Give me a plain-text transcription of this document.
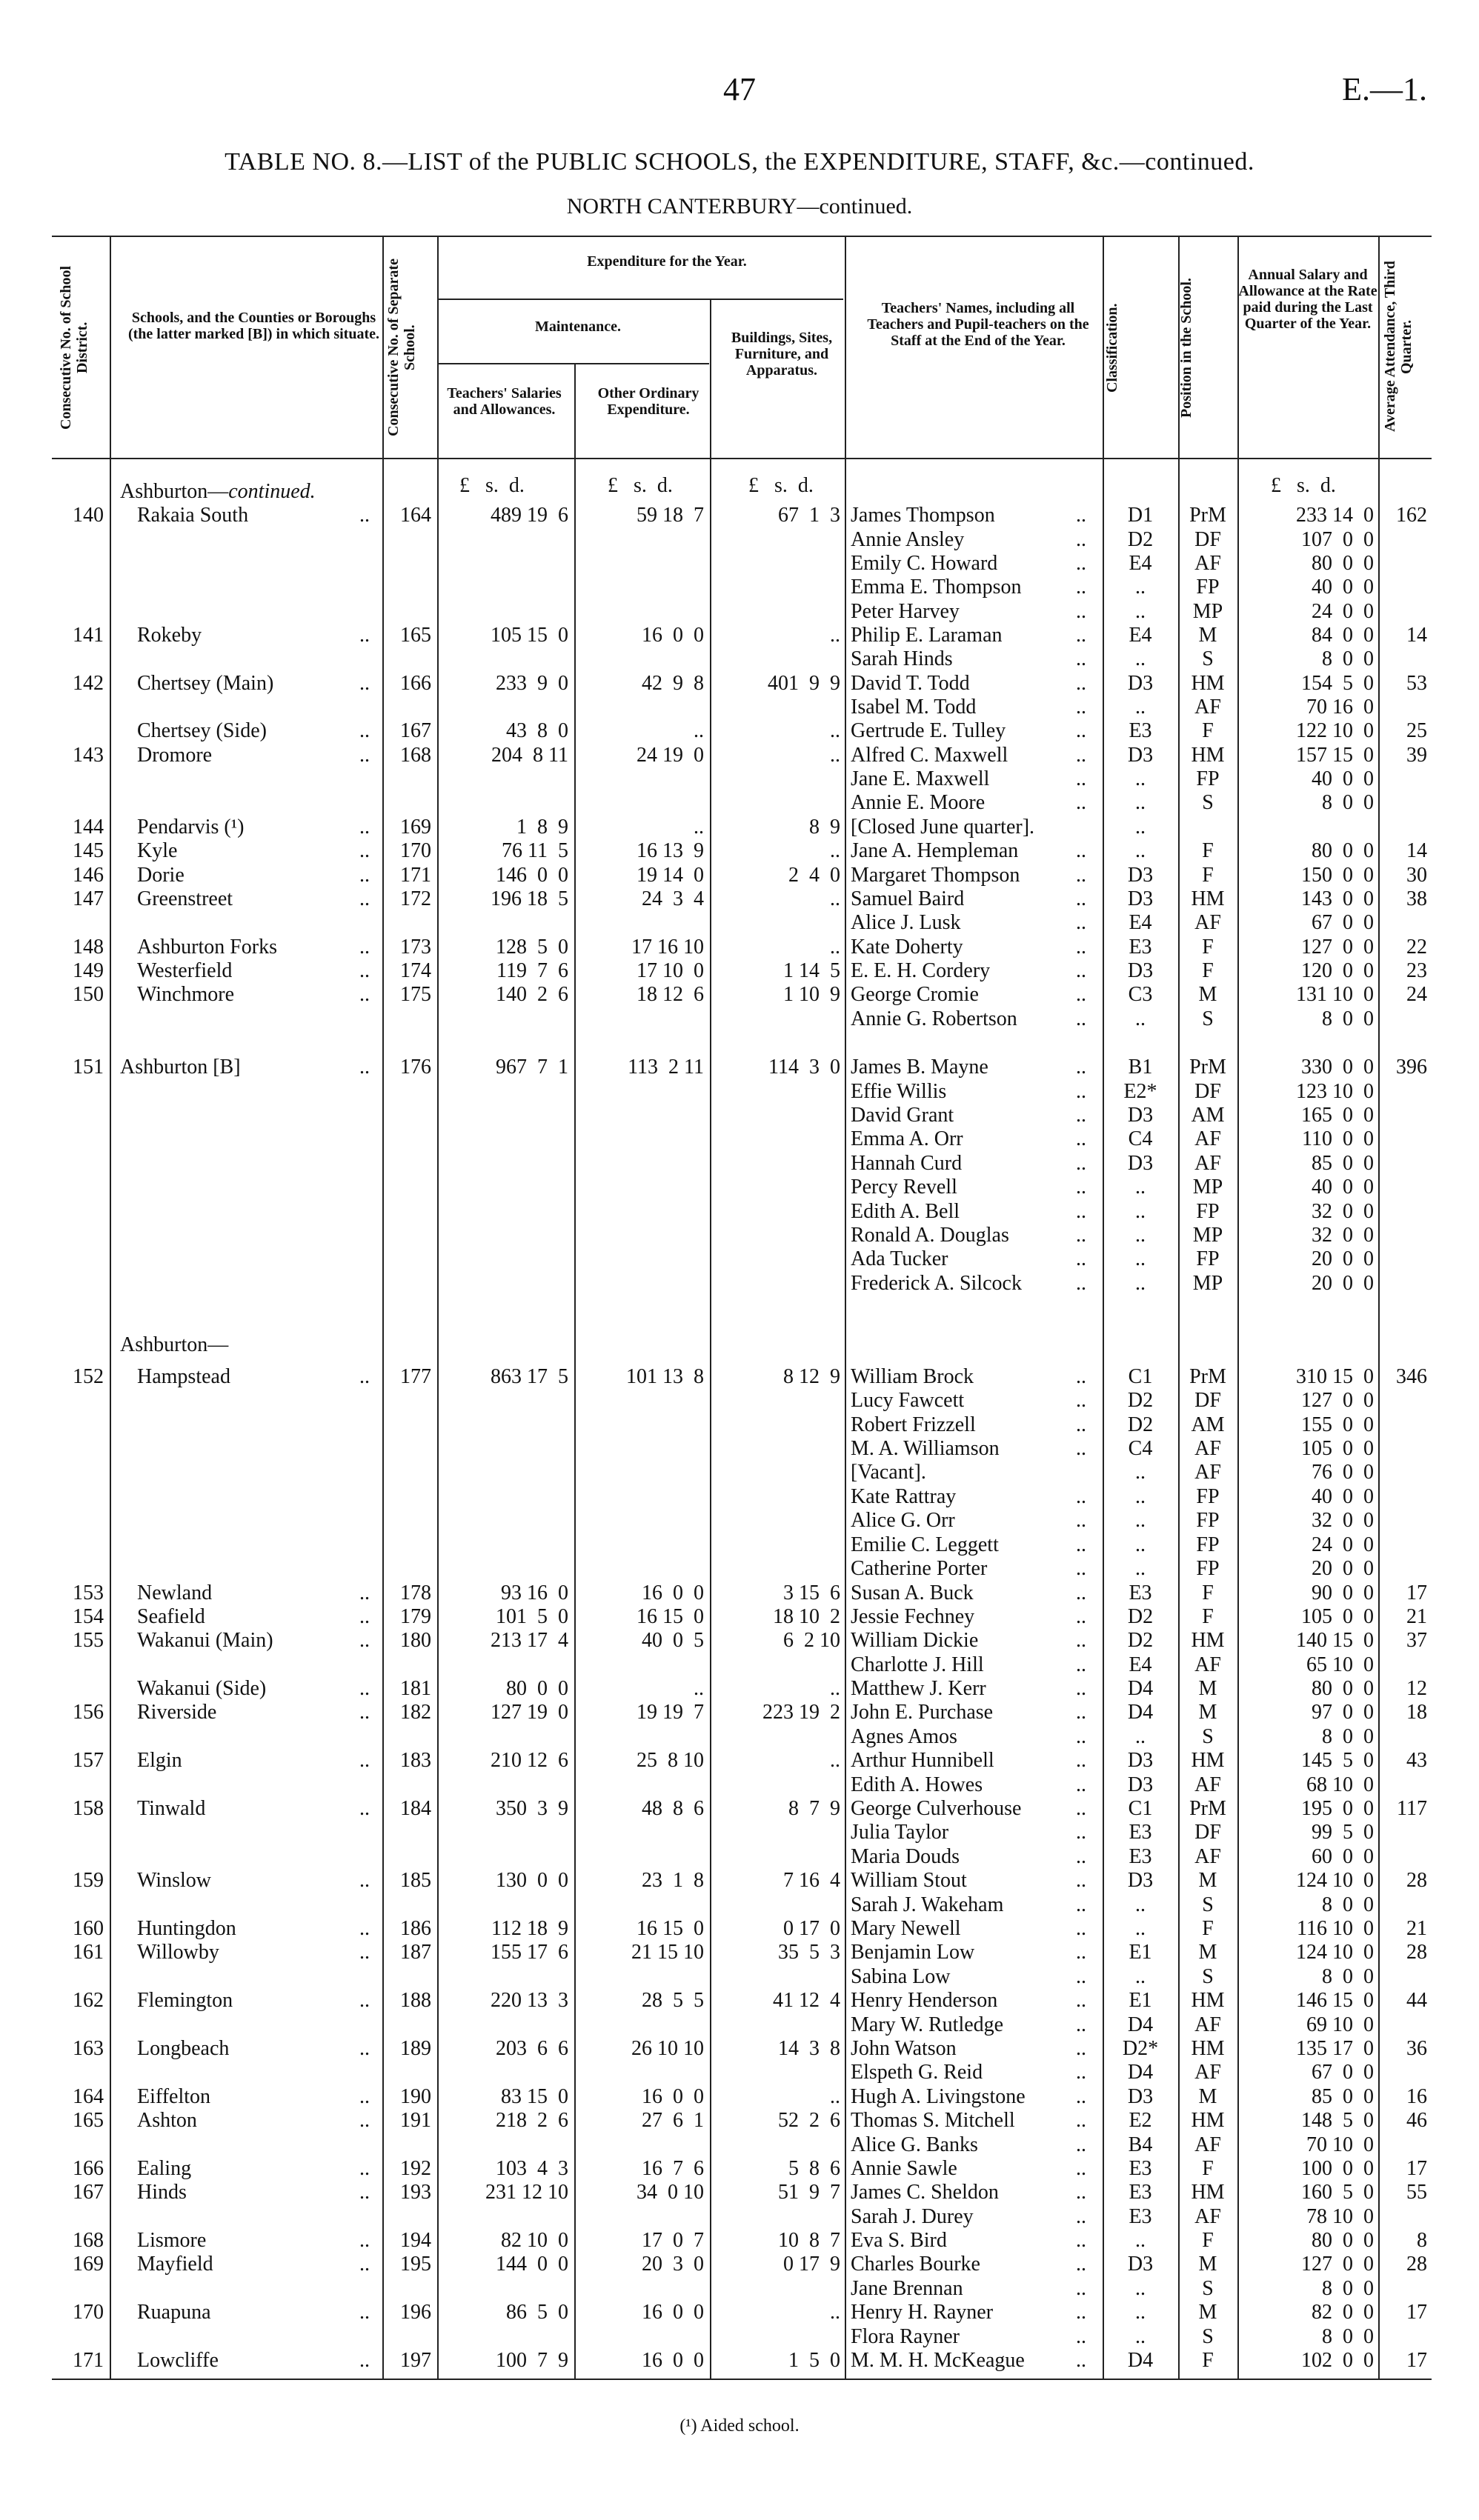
47	E.—1.
TABLE NO. 8.—LIST of the PUBLIC SCHOOLS, the EXPENDITURE, STAFF, &c.—continued.
NORTH CANTERBURY—continued.
Consecutive No. of School District.
Schools, and the Counties or Boroughs (the latter marked [B]) in which situate. Consecutive No. of Separate School.
Expenditure for the Year.
Maintenance.
Teachers' Salaries and Allowances.
Other Ordinary Expenditure.
Buildings, Sites, Furniture, and Apparatus.
Teachers' Names, including all Teachers and Pupil-teachers on the Staff at the End of the Year.	Classification.	Position in the School.
Annual Salary and Allowance at the Rate paid during the Last Quarter of the Year. Average Attendance, Third Quarter.
£   s.  d.	£   s.  d.	£   s.  d.	£   s.  d.
Ashburton—continued.
140 Rakaia South	..	164	489 19  6	59 18  7	67  1  3 James Thompson	..	D1	PrM	233 14  0	162
Annie Ansley	..	D2	DF	107  0  0
Emily C. Howard	..	E4	AF	80  0  0
Emma E. Thompson	..	..	FP	40  0  0
Peter Harvey	..	..	MP	24  0  0
141 Rokeby	..	165	105 15  0	16  0  0	.. Philip E. Laraman	..	E4	M	84  0  0	14
Sarah Hinds	..	..	S	8  0  0
142 Chertsey (Main)	..	166	233  9  0	42  9  8	401  9  9 David T. Todd	..	D3	HM	154  5  0	53
Isabel M. Todd	..	..	AF	70 16  0
Chertsey (Side)	..	167	43  8  0	..	.. Gertrude E. Tulley	..	E3	F	122 10  0	25
143 Dromore	..	168	204  8 11	24 19  0	.. Alfred C. Maxwell	..	D3	HM	157 15  0	39
Jane E. Maxwell	..	..	FP	40  0  0
Annie E. Moore	..	..	S	8  0  0
144 Pendarvis (¹)	..	169	1  8  9	..	8  9 [Closed June quarter].	..
145 Kyle	..	170	76 11  5	16 13  9	.. Jane A. Hempleman	..	..	F	80  0  0	14
146 Dorie	..	171	146  0  0	19 14  0	2  4  0 Margaret Thompson	..	D3	F	150  0  0	30
147 Greenstreet	..	172	196 18  5	24  3  4	.. Samuel Baird	..	D3	HM	143  0  0	38
Alice J. Lusk	..	E4	AF	67  0  0
148 Ashburton Forks	..	173	128  5  0	17 16 10	.. Kate Doherty	..	E3	F	127  0  0	22
149 Westerfield	..	174	119  7  6	17 10  0	1 14  5 E. E. H. Cordery	..	D3	F	120  0  0	23
150 Winchmore	..	175	140  2  6	18 12  6	1 10  9 George Cromie	..	C3	M	131 10  0	24
Annie G. Robertson	..	..	S	8  0  0
151 Ashburton [B]	..	176	967  7  1	113  2 11	114  3  0 James B. Mayne	..	B1	PrM	330  0  0	396
Effie Willis	..	E2*	DF	123 10  0
David Grant	..	D3	AM	165  0  0
Emma A. Orr	..	C4	AF	110  0  0
Hannah Curd	..	D3	AF	85  0  0
Percy Revell	..	..	MP	40  0  0
Edith A. Bell	..	..	FP	32  0  0
Ronald A. Douglas	..	..	MP	32  0  0
Ada Tucker	..	..	FP	20  0  0
Frederick A. Silcock	..	..	MP	20  0  0
Ashburton—
152 Hampstead	..	177	863 17  5	101 13  8	8 12  9 William Brock	..	C1	PrM	310 15  0	346
Lucy Fawcett	..	D2	DF	127  0  0
Robert Frizzell	..	D2	AM	155  0  0
M. A. Williamson	..	C4	AF	105  0  0
[Vacant].	..	AF	76  0  0
Kate Rattray	..	..	FP	40  0  0
Alice G. Orr	..	..	FP	32  0  0
Emilie C. Leggett	..	..	FP	24  0  0
Catherine Porter	..	..	FP	20  0  0
153 Newland	..	178	93 16  0	16  0  0	3 15  6 Susan A. Buck	..	E3	F	90  0  0	17
154 Seafield	..	179	101  5  0	16 15  0	18 10  2 Jessie Fechney	..	D2	F	105  0  0	21
155 Wakanui (Main)	..	180	213 17  4	40  0  5	6  2 10 William Dickie	..	D2	HM	140 15  0	37
Charlotte J. Hill	..	E4	AF	65 10  0
Wakanui (Side)	..	181	80  0  0	..	.. Matthew J. Kerr	..	D4	M	80  0  0	12
156 Riverside	..	182	127 19  0	19 19  7	223 19  2 John E. Purchase	..	D4	M	97  0  0	18
Agnes Amos	..	..	S	8  0  0
157 Elgin	..	183	210 12  6	25  8 10	.. Arthur Hunnibell	..	D3	HM	145  5  0	43
Edith A. Howes	..	D3	AF	68 10  0
158 Tinwald	..	184	350  3  9	48  8  6	8  7  9 George Culverhouse	..	C1	PrM	195  0  0	117
Julia Taylor	..	E3	DF	99  5  0
Maria Douds	..	E3	AF	60  0  0
159 Winslow	..	185	130  0  0	23  1  8	7 16  4 William Stout	..	D3	M	124 10  0	28
Sarah J. Wakeham	..	..	S	8  0  0
160 Huntingdon	..	186	112 18  9	16 15  0	0 17  0 Mary Newell	..	..	F	116 10  0	21
161 Willowby	..	187	155 17  6	21 15 10	35  5  3 Benjamin Low	..	E1	M	124 10  0	28
Sabina Low	..	..	S	8  0  0
162 Flemington	..	188	220 13  3	28  5  5	41 12  4 Henry Henderson	..	E1	HM	146 15  0	44
Mary W. Rutledge	..	D4	AF	69 10  0
163 Longbeach	..	189	203  6  6	26 10 10	14  3  8 John Watson	..	D2*	HM	135 17  0	36
Elspeth G. Reid	..	D4	AF	67  0  0
164 Eiffelton	..	190	83 15  0	16  0  0	.. Hugh A. Livingstone ..	D3	M	85  0  0	16
165 Ashton	..	191	218  2  6	27  6  1	52  2  6 Thomas S. Mitchell	..	E2	HM	148  5  0	46
Alice G. Banks	..	B4	AF	70 10  0
166 Ealing	..	192	103  4  3	16  7  6	5  8  6 Annie Sawle	..	E3	F	100  0  0	17
167 Hinds	..	193	231 12 10	34  0 10	51  9  7 James C. Sheldon	..	E3	HM	160  5  0	55
Sarah J. Durey	..	E3	AF	78 10  0
168 Lismore	..	194	82 10  0	17  0  7	10  8  7 Eva S. Bird	..	..	F	80  0  0	8
169 Mayfield	..	195	144  0  0	20  3  0	0 17  9 Charles Bourke	..	D3	M	127  0  0	28
Jane Brennan	..	..	S	8  0  0
170 Ruapuna	..	196	86  5  0	16  0  0	.. Henry H. Rayner	..	..	M	82  0  0	17
Flora Rayner	..	..	S	8  0  0
171 Lowcliffe	..	197	100  7  9	16  0  0	1  5  0 M. M. H. McKeague ..	D4	F	102  0  0	17
(¹) Aided school.
